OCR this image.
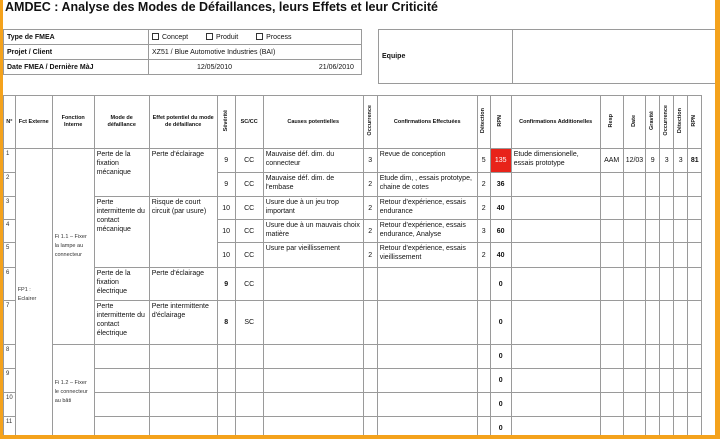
AMDEC : Analyse des Modes de Défaillances, leurs Effets et leur Criticité
Type de FMEA	Concept Produit Process
Projet / Client	XZ51 / Blue Automotive Industries (BAI)
Date FMEA / Dernière MàJ	12/05/2010 21/06/2010
Equipe
N°	Fct Externe	Fonction Interne	Mode de défaillance	Effet potentiel du mode de défaillance	Sévérité	SC/CC	Causes potentielles	Occurrence	Confirmations Effectuées	Détection	RPN	Confirmations Additionelles	Resp	Date	Gravité	Occurrence	Détection	RPN
1	FP1 : Eclairer	Fi 1.1 – Fixer la lampe au connecteur	Perte de la fixation mécanique	Perte d'éclairage	9	CC	Mauvaise déf. dim. du connecteur	3	Revue de conception	5	135	Etude dimensionelle, essais prototype	AAM	12/03	9	3	3	81
2					9	CC	Mauvaise déf. dim. de l'embase	2	Etude dim, , essais prototype, chaine de cotes	2	36							
3			Perte intermittente du contact mécanique	Risque de court circuit (par usure)	10	CC	Usure due à un jeu trop important	2	Retour d'expérience, essais endurance	2	40							
4					10	CC	Usure due à un mauvais choix matière	2	Retour d'expérience, essais endurance, Analyse	3	60							
5					10	CC	Usure par vieillissement	2	Retour d'expérience, essais vieillissement	2	40							
6			Perte de la fixation électrique	Perte d'éclairage	9	CC					0							
7			Perte intermittente du contact électrique	Perte intermittente d'éclairage	8	SC					0							
8		Fi 1.2 – Fixer le connecteur au bâti									0							
9											0							
10											0							
11											0							
